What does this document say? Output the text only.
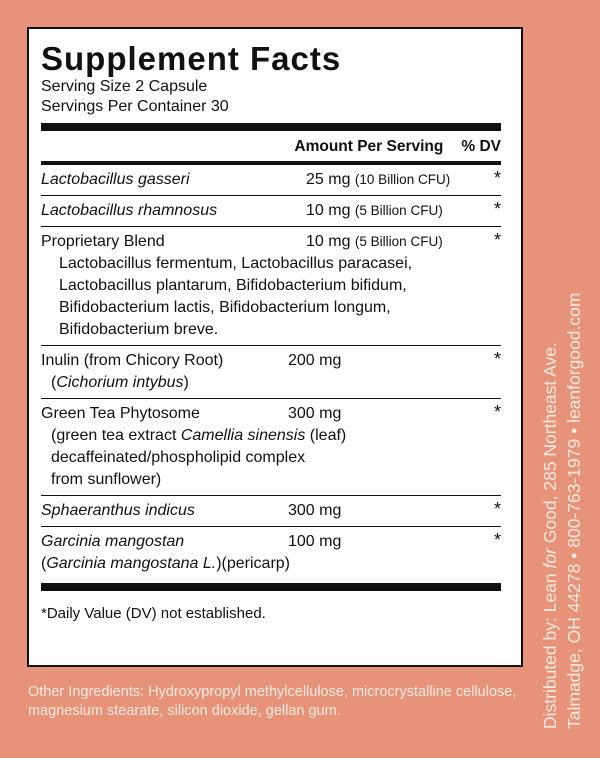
Supplement Facts
Serving Size 2 Capsule
Servings Per Container 30
Amount Per Serving % DV
Lactobacillus gasseri	25 mg (10 Billion CFU)	*
Lactobacillus rhamnosus	10 mg (5 Billion CFU)	*
Proprietary Blend	10 mg (5 Billion CFU)	*
Lactobacillus fermentum, Lactobacillus paracasei, Lactobacillus plantarum, Bifidobacterium bifidum, Bifidobacterium lactis, Bifidobacterium longum, Bifidobacterium breve.
Inulin (from Chicory Root)	200 mg	*
(Cichorium intybus)
Green Tea Phytosome	300 mg	*
(green tea extract Camellia sinensis (leaf)
decaffeinated/phospholipid complex
from sunflower)
Sphaeranthus indicus	300 mg	*
Garcinia mangostan	100 mg	*
(Garcinia mangostana L.)(pericarp)
*Daily Value (DV) not established.
Other Ingredients: Hydroxypropyl methylcellulose, microcrystalline cellulose, magnesium stearate, silicon dioxide, gellan gum.	Distributed by: Lean for Good, 285 Northeast Ave. Talmadge, OH 44278 • 800-763-1979 • leanforgood.com
